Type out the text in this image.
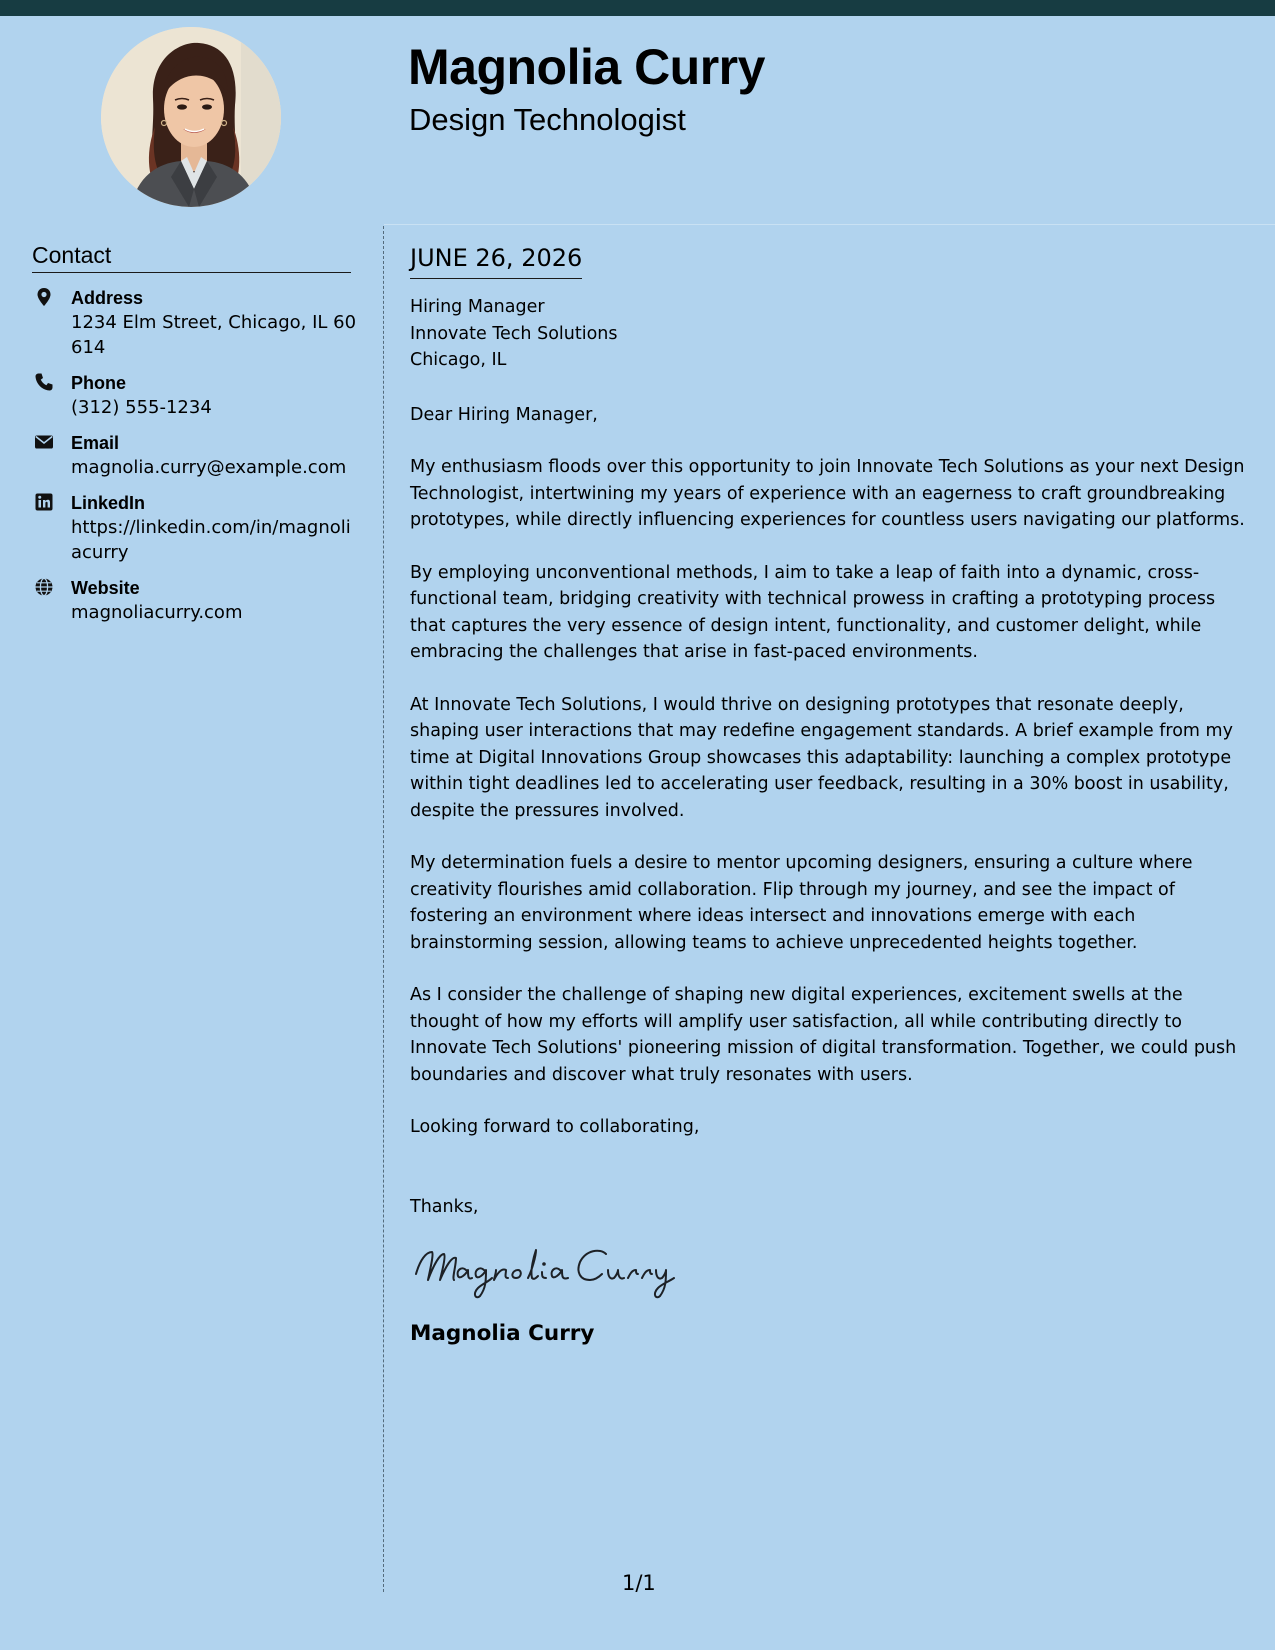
Magnolia Curry
Design Technologist
Contact
Address
1234 Elm Street, Chicago, IL 60614
Phone
(312) 555-1234
Email
magnolia.curry@example.com
LinkedIn
https://linkedin.com/in/magnoliacurry
Website
magnoliacurry.com
JUNE 26, 2026
Hiring Manager
Innovate Tech Solutions
Chicago, IL
Dear Hiring Manager,
My enthusiasm floods over this opportunity to join Innovate Tech Solutions as your next Design Technologist, intertwining my years of experience with an eagerness to craft groundbreaking prototypes, while directly influencing experiences for countless users navigating our platforms.
By employing unconventional methods, I aim to take a leap of faith into a dynamic, cross-functional team, bridging creativity with technical prowess in crafting a prototyping process that captures the very essence of design intent, functionality, and customer delight, while embracing the challenges that arise in fast-paced environments.
At Innovate Tech Solutions, I would thrive on designing prototypes that resonate deeply, shaping user interactions that may redefine engagement standards. A brief example from my time at Digital Innovations Group showcases this adaptability: launching a complex prototype within tight deadlines led to accelerating user feedback, resulting in a 30% boost in usability, despite the pressures involved.
My determination fuels a desire to mentor upcoming designers, ensuring a culture where creativity flourishes amid collaboration. Flip through my journey, and see the impact of fostering an environment where ideas intersect and innovations emerge with each brainstorming session, allowing teams to achieve unprecedented heights together.
As I consider the challenge of shaping new digital experiences, excitement swells at the thought of how my efforts will amplify user satisfaction, all while contributing directly to Innovate Tech Solutions' pioneering mission of digital transformation. Together, we could push boundaries and discover what truly resonates with users.
Looking forward to collaborating,
Thanks,
Magnolia Curry
1/1
